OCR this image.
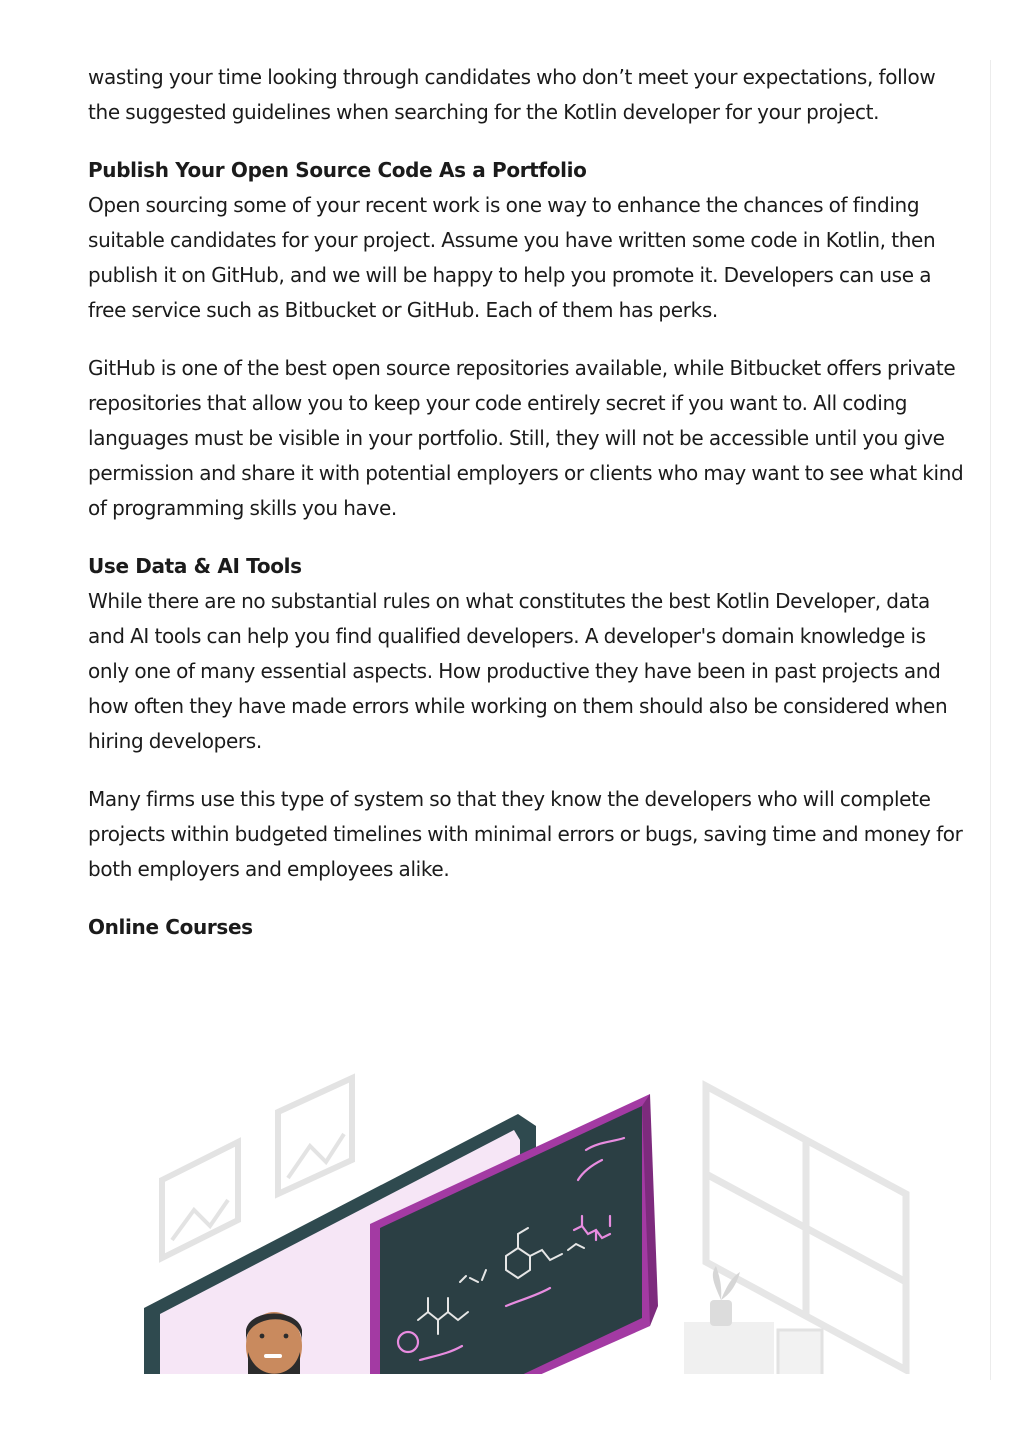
wasting your time looking through candidates who don’t meet your expectations, follow the suggested guidelines when searching for the Kotlin developer for your project.

Publish Your Open Source Code As a Portfolio

Open sourcing some of your recent work is one way to enhance the chances of finding suitable candidates for your project. Assume you have written some code in Kotlin, then publish it on GitHub, and we will be happy to help you promote it. Developers can use a free service such as Bitbucket or GitHub. Each of them has perks.

GitHub is one of the best open source repositories available, while Bitbucket offers private repositories that allow you to keep your code entirely secret if you want to. All coding languages must be visible in your portfolio. Still, they will not be accessible until you give permission and share it with potential employers or clients who may want to see what kind of programming skills you have.

Use Data & AI Tools

While there are no substantial rules on what constitutes the best Kotlin Developer, data and AI tools can help you find qualified developers. A developer's domain knowledge is only one of many essential aspects. How productive they have been in past projects and how often they have made errors while working on them should also be considered when hiring developers.

Many firms use this type of system so that they know the developers who will complete projects within budgeted timelines with minimal errors or bugs, saving time and money for both employers and employees alike.

Online Courses
